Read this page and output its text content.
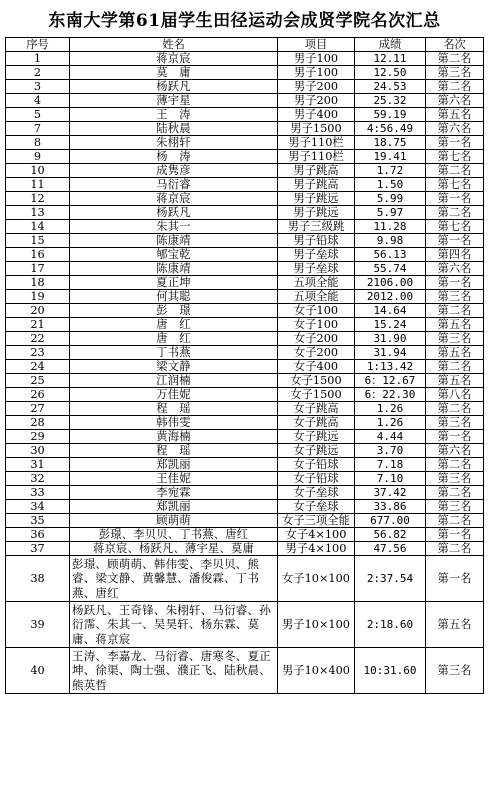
东南大学第61届学生田径运动会成贤学院名次汇总
序号	姓名	项目	成绩	名次
1	蒋京宸	男子100	12.11	第二名
2	莫　庸	男子100	12.50	第三名
3	杨跃凡	男子200	24.53	第二名
4	薄宇星	男子200	25.32	第六名
5	王　涛	男子400	59.19	第五名
7	陆秋晨	男子1500	4:56.49	第六名
8	朱栩轩	男子110栏	18.75	第一名
9	杨　涛	男子110栏	19.41	第七名
10	成隽彦	男子跳高	1.72	第二名
11	马衍睿	男子跳高	1.50	第七名
12	蒋京宸	男子跳远	5.99	第一名
13	杨跃凡	男子跳远	5.97	第二名
14	朱其一	男子三级跳	11.28	第七名
15	陈康靖	男子铅球	9.98	第一名
16	郇宝乾	男子垒球	56.13	第四名
17	陈康靖	男子垒球	55.74	第六名
18	夏正坤	五项全能	2106.00	第一名
19	何其聪	五项全能	2012.00	第三名
20	彭　璟	女子100	14.64	第二名
21	唐　红	女子100	15.24	第五名
22	唐　红	女子200	31.90	第三名
23	丁书燕	女子200	31.94	第五名
24	梁文静	女子400	1:13.42	第二名
25	江润楠	女子1500	6：12.67	第五名
26	万佳妮	女子1500	6：22.30	第八名
27	程　瑶	女子跳高	1.26	第二名
28	韩伟雯	女子跳高	1.26	第三名
29	黄海楠	女子跳远	4.44	第一名
30	程　瑶	女子跳远	3.70	第六名
31	郑凯丽	女子铅球	7.18	第二名
32	王佳妮	女子铅球	7.10	第三名
33	李宛霖	女子垒球	37.42	第二名
34	郑凯丽	女子垒球	33.86	第三名
35	顾萌萌	女子三项全能	677.00	第二名
36	彭璟、李贝贝、丁书燕、唐红	女子4×100	56.82	第一名
37	蒋京宸、杨跃凡、薄宇星、莫庸	男子4×100	47.56	第二名
38	彭璟、顾萌萌、韩伟雯、李贝贝、熊睿、梁文静、黄馨慧、潘俊霖、丁书燕、唐红	女子10×100	2:37.54	第一名
39	杨跃凡、王奇锋、朱栩轩、马衍睿、孙衍霈、朱其一、吴昊轩、杨东霖、莫庸、蒋京宸	男子10×100	2:18.60	第五名
40	王涛、李嘉龙、马衍睿、唐寒冬、夏正坤、徐渠、陶士强、濮正飞、陆秋晨、熊英哲	男子10×400	10:31.60	第三名
